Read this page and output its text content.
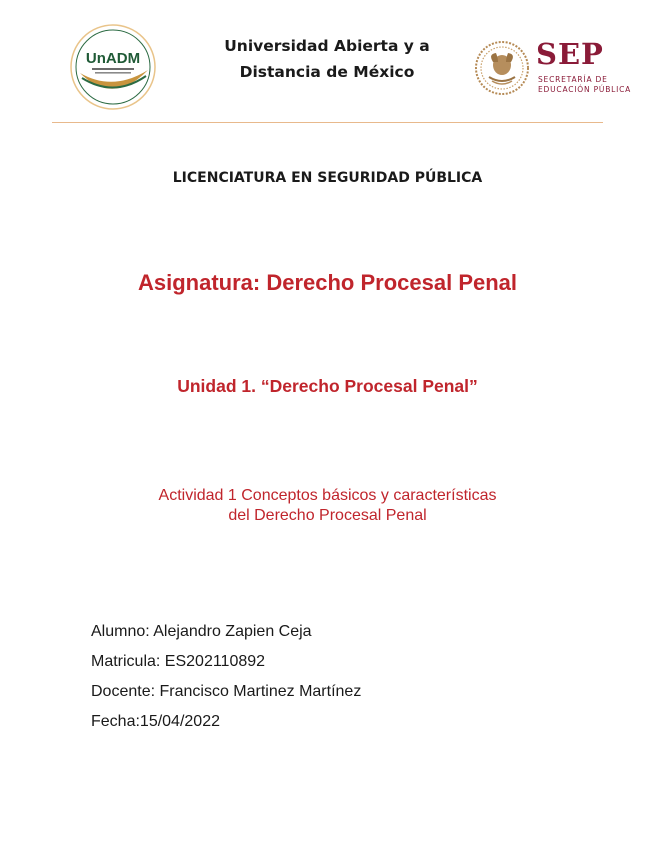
UnADM
Universidad Abierta y a
Distancia de México
SEP
SECRETARÍA DE
EDUCACIÓN PÚBLICA
LICENCIATURA EN SEGURIDAD PÚBLICA
Asignatura: Derecho Procesal Penal
Unidad 1. “Derecho Procesal Penal”
Actividad 1 Conceptos básicos y características
del Derecho Procesal Penal
Alumno: Alejandro Zapien Ceja
Matricula: ES202110892
Docente: Francisco Martinez Martínez
Fecha:15/04/2022
